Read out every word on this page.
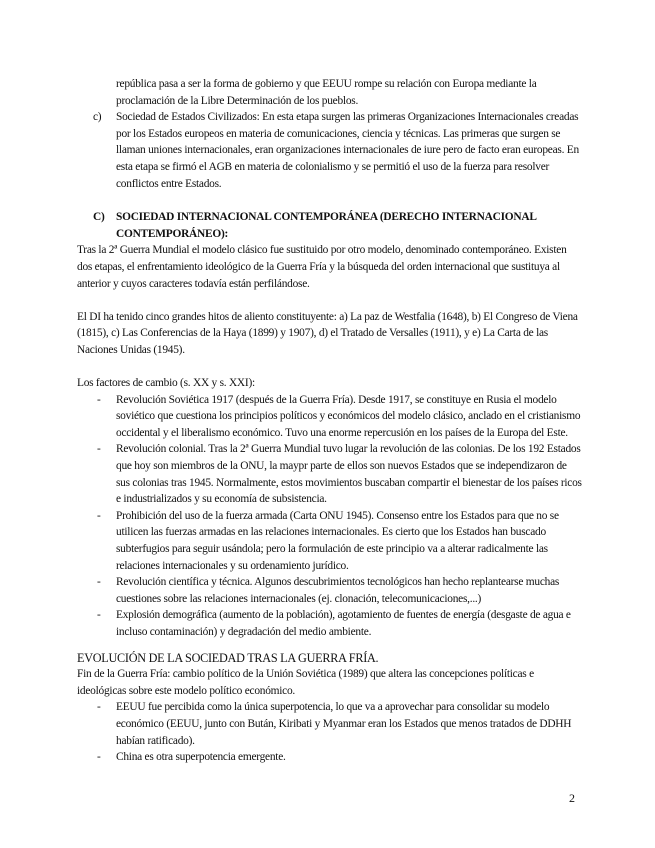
república pasa a ser la forma de gobierno y que EEUU rompe su relación con Europa mediante la proclamación de la Libre Determinación de los pueblos.

c) Sociedad de Estados Civilizados: En esta etapa surgen las primeras Organizaciones Internacionales creadas por los Estados europeos en materia de comunicaciones, ciencia y técnicas. Las primeras que surgen se llaman uniones internacionales, eran organizaciones internacionales de iure pero de facto eran europeas. En esta etapa se firmó el AGB en materia de colonialismo y se permitió el uso de la fuerza para resolver conflictos entre Estados.
C) SOCIEDAD INTERNACIONAL CONTEMPORÁNEA (DERECHO INTERNACIONAL CONTEMPORÁNEO):

Tras la 2ª Guerra Mundial el modelo clásico fue sustituido por otro modelo, denominado contemporáneo. Existen dos etapas, el enfrentamiento ideológico de la Guerra Fría y la búsqueda del orden internacional que sustituya al anterior y cuyos caracteres todavía están perfilándose.

El DI ha tenido cinco grandes hitos de aliento constituyente: a) La paz de Westfalia (1648), b) El Congreso de Viena (1815), c) Las Conferencias de la Haya (1899) y 1907), d) el Tratado de Versalles (1911), y e) La Carta de las Naciones Unidas (1945).

Los factores de cambio (s. XX y s. XXI):

- Revolución Soviética 1917 (después de la Guerra Fría). Desde 1917, se constituye en Rusia el modelo soviético que cuestiona los principios políticos y económicos del modelo clásico, anclado en el cristianismo occidental y el liberalismo económico. Tuvo una enorme repercusión en los países de la Europa del Este.
- Revolución colonial. Tras la 2ª Guerra Mundial tuvo lugar la revolución de las colonias. De los 192 Estados que hoy son miembros de la ONU, la maypr parte de ellos son nuevos Estados que se independizaron de sus colonias tras 1945. Normalmente, estos movimientos buscaban compartir el bienestar de los países ricos e industrializados y su economía de subsistencia.
- Prohibición del uso de la fuerza armada (Carta ONU 1945). Consenso entre los Estados para que no se utilicen las fuerzas armadas en las relaciones internacionales. Es cierto que los Estados han buscado subterfugios para seguir usándola; pero la formulación de este principio va a alterar radicalmente las relaciones internacionales y su ordenamiento jurídico.
- Revolución científica y técnica. Algunos descubrimientos tecnológicos han hecho replantearse muchas cuestiones sobre las relaciones internacionales (ej. clonación, telecomunicaciones,...)
- Explosión demográfica (aumento de la población), agotamiento de fuentes de energía (desgaste de agua e incluso contaminación) y degradación del medio ambiente.

EVOLUCIÓN DE LA SOCIEDAD TRAS LA GUERRA FRÍA.

Fin de la Guerra Fría: cambio político de la Unión Soviética (1989) que altera las concepciones políticas e ideológicas sobre este modelo político económico.

- EEUU fue percibida como la única superpotencia, lo que va a aprovechar para consolidar su modelo económico (EEUU, junto con Bután, Kiribati y Myanmar eran los Estados que menos tratados de DDHH habían ratificado).
- China es otra superpotencia emergente.
2
